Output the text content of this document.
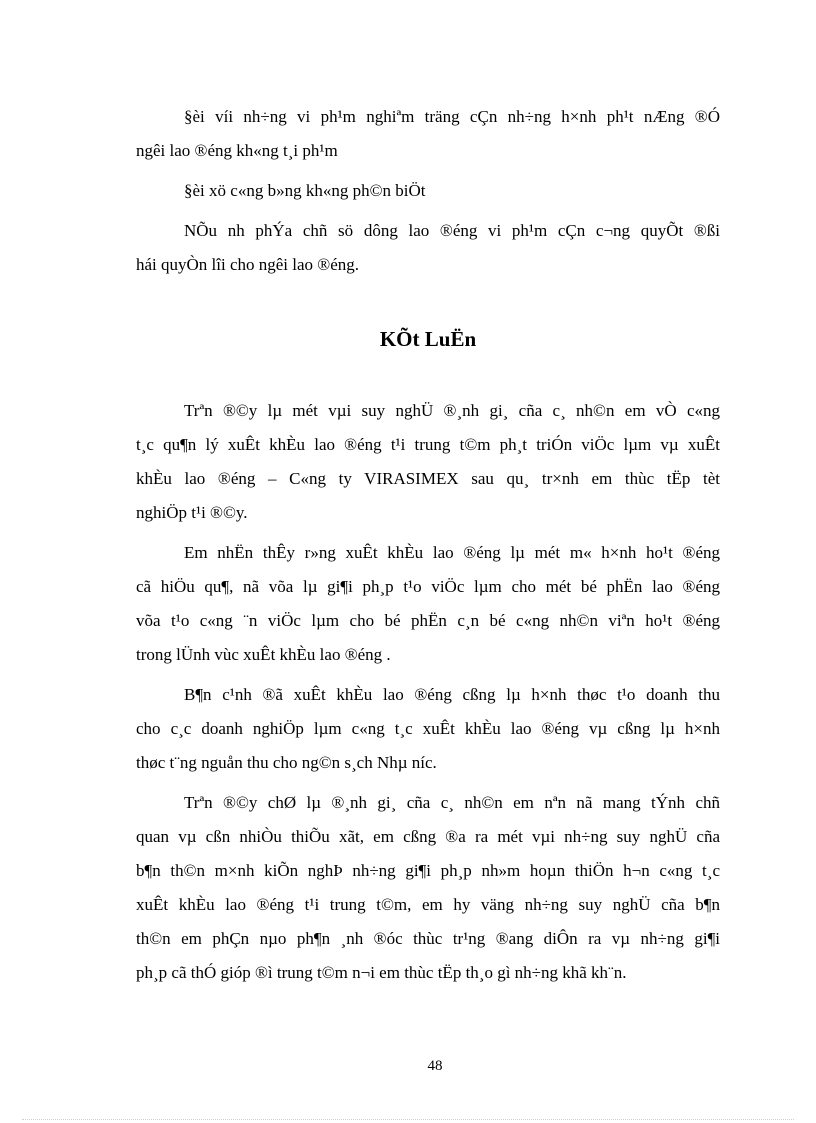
§èi víi nh÷ng vi ph¹m nghiªm träng cÇn nh÷ng h×nh ph¹t nÆng ®Ó
ngêi lao ®éng kh«ng t¸i ph¹m
§èi xö c«ng b»ng kh«ng ph©n biÖt
NÕu nh phÝa chñ sö dông lao ®éng vi ph¹m cÇn c¬ng quyÕt ®ßi
hái quyÒn lîi cho ngêi lao ®éng.
KÕt LuËn
Trªn ®©y lµ mét vµi suy nghÜ ®¸nh gi¸ cña c¸ nh©n em vÒ c«ng
t¸c qu¶n lý xuÊt khÈu lao ®éng t¹i trung t©m ph¸t triÓn viÖc lµm vµ xuÊt
khÈu lao ®éng – C«ng ty VIRASIMEX sau qu¸ tr×nh em thùc tËp tèt
nghiÖp t¹i ®©y.
Em nhËn thÊy r»ng xuÊt khÈu lao ®éng lµ mét m« h×nh ho¹t ®éng
cã hiÖu qu¶, nã võa lµ gi¶i ph¸p t¹o viÖc lµm cho mét bé phËn lao ®éng
võa t¹o c«ng ¨n viÖc lµm cho bé phËn c¸n bé c«ng nh©n viªn ho¹t ®éng
trong lÜnh vùc xuÊt khÈu lao ®éng .
B¶n c¹nh ®ã xuÊt khÈu lao ®éng cßng lµ h×nh thøc t¹o doanh thu
cho c¸c doanh nghiÖp lµm c«ng t¸c xuÊt khÈu lao ®éng vµ cßng lµ h×nh
thøc t¨ng nguån thu cho ng©n s¸ch Nhµ níc.
Trªn ®©y chØ lµ ®¸nh gi¸ cña c¸ nh©n em nªn nã mang tÝnh chñ
quan vµ cßn nhiÒu thiÕu xãt, em cßng ®a ra mét vµi nh÷ng suy nghÜ cña
b¶n th©n m×nh kiÕn nghÞ nh÷ng gi¶i ph¸p nh»m hoµn thiÖn h¬n c«ng t¸c
xuÊt khÈu lao ®éng t¹i trung t©m, em hy väng nh÷ng suy nghÜ cña b¶n
th©n em phÇn nµo ph¶n ¸nh ®óc thùc tr¹ng ®ang diÔn ra vµ nh÷ng gi¶i
ph¸p cã thÓ gióp ®ì trung t©m n¬i em thùc tËp th¸o gì nh÷ng khã kh¨n.
48
